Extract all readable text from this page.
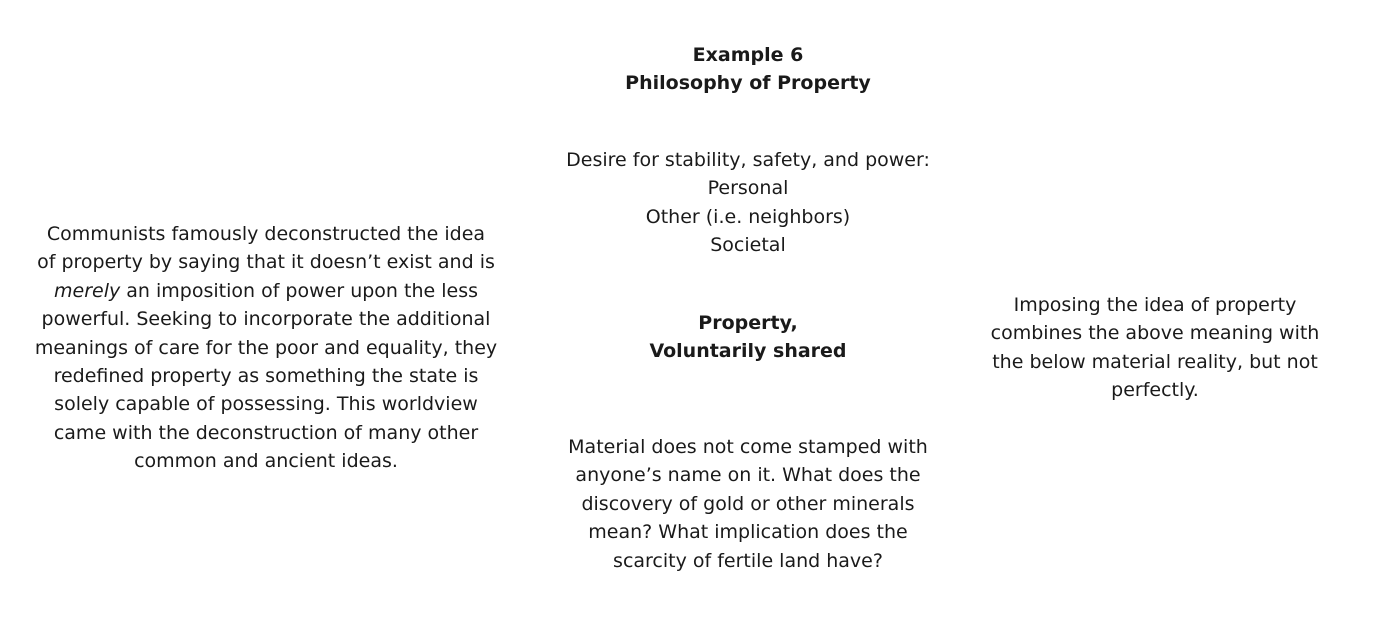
Example 6
Philosophy of Property
Desire for stability, safety, and power:
Personal
Other (i.e. neighbors)
Societal
Property,
Voluntarily shared
Material does not come stamped with
anyone’s name on it. What does the
discovery of gold or other minerals
mean? What implication does the
scarcity of fertile land have?
Communists famously deconstructed the idea
of property by saying that it doesn’t exist and is
merely an imposition of power upon the less
powerful. Seeking to incorporate the additional
meanings of care for the poor and equality, they
redefined property as something the state is
solely capable of possessing. This worldview
came with the deconstruction of many other
common and ancient ideas.
Imposing the idea of property
combines the above meaning with
the below material reality, but not
perfectly.
